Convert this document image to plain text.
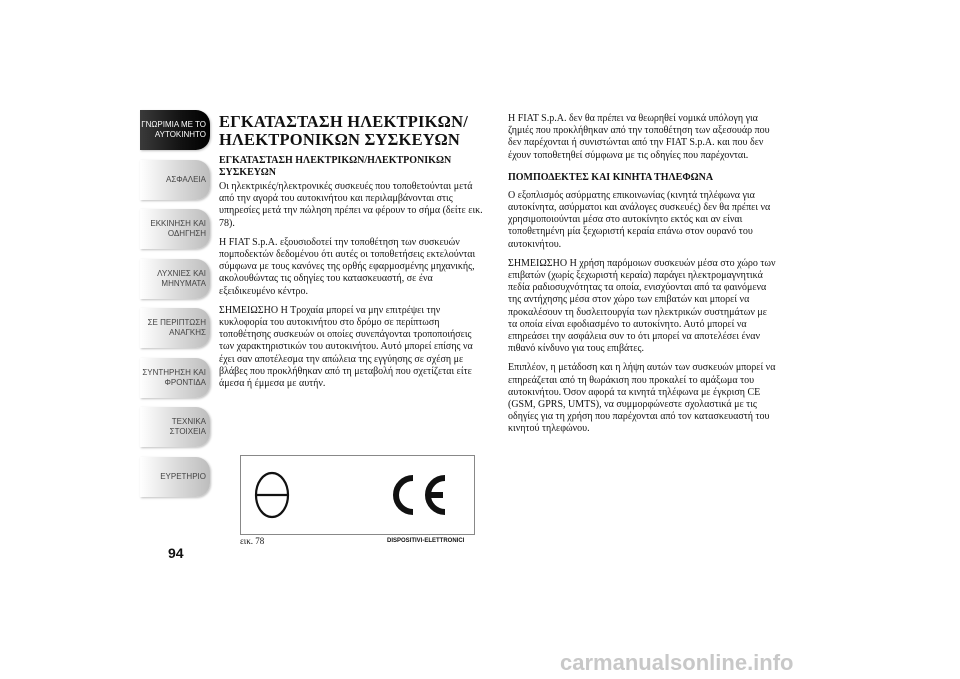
ΓΝΩΡΙΜΙΑ ΜΕ ΤΟ ΑΥΤΟΚΙΝΗΤΟ
ΑΣΦΑΛΕΙΑ
ΕΚΚΙΝΗΣΗ ΚΑΙ ΟΔΗΓΗΣΗ
ΛΥΧΝΙΕΣ ΚΑΙ ΜΗΝΥΜΑΤΑ
ΣΕ ΠΕΡΙΠΤΩΣΗ ΑΝΑΓΚΗΣ
ΣΥΝΤΗΡΗΣΗ ΚΑΙ ΦΡΟΝΤΙΔΑ
ΤΕΧΝΙΚΑ ΣΤΟΙΧΕΙΑ
ΕΥΡΕΤΗΡΙΟ
94
ΕΓΚΑΤΑΣΤΑΣΗ ΗΛΕΚΤΡΙΚΩΝ/ ΗΛΕΚΤΡΟΝΙΚΩΝ ΣΥΣΚΕΥΩΝ
ΕΓΚΑΤΑΣΤΑΣΗ ΗΛΕΚΤΡΙΚΩΝ/ΗΛΕΚΤΡΟΝΙΚΩΝ ΣΥΣΚΕΥΩΝ

Οι ηλεκτρικές/ηλεκτρονικές συσκευές που τοποθετούνται μετά από την αγορά του αυτοκινήτου και περιλαμβάνονται στις υπηρεσίες μετά την πώληση πρέπει να φέρουν το σήμα (δείτε εικ. 78).

Η FIAT S.p.A. εξουσιοδοτεί την τοποθέτηση των συσκευών πομποδεκτών δεδομένου ότι αυτές οι τοποθετήσεις εκτελούνται σύμφωνα με τους κανόνες της ορθής εφαρμοσμένης μηχανικής, ακολουθώντας τις οδηγίες του κατασκευαστή, σε ένα εξειδικευμένο κέντρο.

ΣΗΜΕΙΩΣΗΟ Η Τροχαία μπορεί να μην επιτρέψει την κυκλοφορία του αυτοκινήτου στο δρόμο σε περίπτωση τοποθέτησης συσκευών οι οποίες συνεπάγονται τροποποιήσεις των χαρακτηριστικών του αυτοκινήτου. Αυτό μπορεί επίσης να έχει σαν αποτέλεσμα την απώλεια της εγγύησης σε σχέση με βλάβες που προκλήθηκαν από τη μεταβολή που σχετίζεται είτε άμεσα ή έμμεσα με αυτήν.

Η FIAT S.p.A. δεν θα πρέπει να θεωρηθεί νομικά υπόλογη για ζημιές που προκλήθηκαν από την τοποθέτηση των αξεσουάρ που δεν παρέχονται ή συνιστώνται από την FIAT S.p.A. και που δεν έχουν τοποθετηθεί σύμφωνα με τις οδηγίες που παρέχονται.

ΠΟΜΠΟΔΕΚΤΕΣ ΚΑΙ ΚΙΝΗΤΑ ΤΗΛΕΦΩΝΑ

Ο εξοπλισμός ασύρματης επικοινωνίας (κινητά τηλέφωνα για αυτοκίνητα, ασύρματοι και ανάλογες συσκευές) δεν θα πρέπει να χρησιμοποιούνται μέσα στο αυτοκίνητο εκτός και αν είναι τοποθετημένη μία ξεχωριστή κεραία επάνω στον ουρανό του αυτοκινήτου.

ΣΗΜΕΙΩΣΗΟ Η χρήση παρόμοιων συσκευών μέσα στο χώρο των επιβατών (χωρίς ξεχωριστή κεραία) παράγει ηλεκτρομαγνητικά πεδία ραδιοσυχνότητας τα οποία, ενισχύονται από τα φαινόμενα της αντήχησης μέσα στον χώρο των επιβατών και μπορεί να προκαλέσουν τη δυσλειτουργία των ηλεκτρικών συστημάτων με τα οποία είναι εφοδιασμένο το αυτοκίνητο. Αυτό μπορεί να επηρεάσει την ασφάλεια συν το ότι μπορεί να αποτελέσει έναν πιθανό κίνδυνο για τους επιβάτες.

Επιπλέον, η μετάδοση και η λήψη αυτών των συσκευών μπορεί να επηρεάζεται από τη θωράκιση που προκαλεί το αμάξωμα του αυτοκινήτου. Όσον αφορά τα κινητά τηλέφωνα με έγκριση CE (GSM, GPRS, UMTS), να συμμορφώνεστε σχολαστικά με τις οδηγίες για τη χρήση που παρέχονται από τον κατασκευαστή του κινητού τηλεφώνου.

εικ. 78	DISPOSITIVI-ELETTRONICI
carmanualsonline.info
